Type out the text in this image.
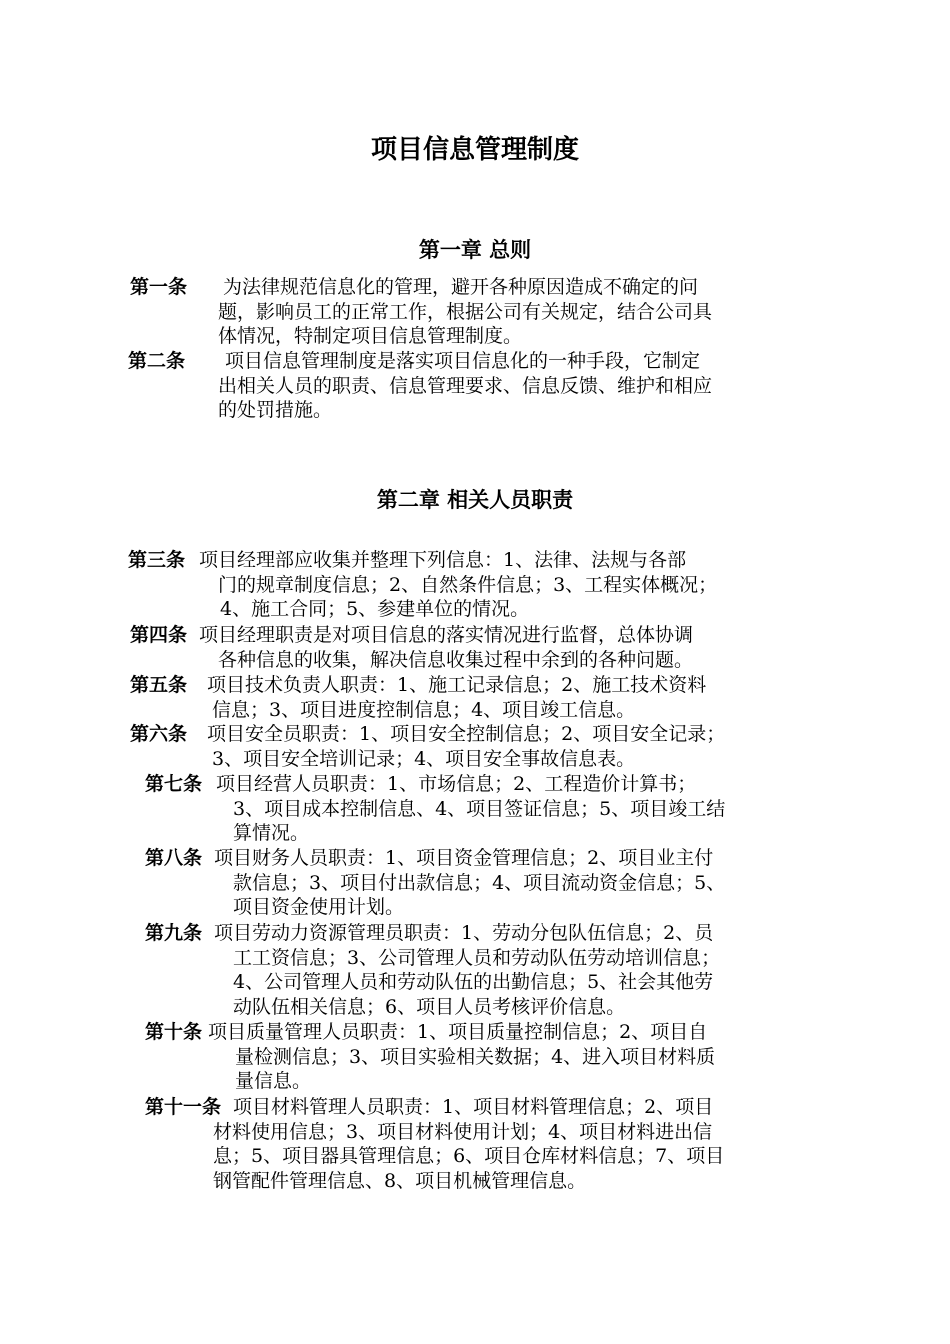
项目信息管理制度
第一章 总则
第一条 为法律规范信息化的管理，避开各种原因造成不确定的问
题，影响员工的正常工作，根据公司有关规定，结合公司具
体情况，特制定项目信息管理制度。
第二条 项目信息管理制度是落实项目信息化的一种手段，它制定
出相关人员的职责、信息管理要求、信息反馈、维护和相应
的处罚措施。
第二章 相关人员职责
第三条 项目经理部应收集并整理下列信息：1、法律、法规与各部
门的规章制度信息；2、自然条件信息；3、工程实体概况；
4、施工合同；5、参建单位的情况。
第四条 项目经理职责是对项目信息的落实情况进行监督，总体协调
各种信息的收集，解决信息收集过程中余到的各种问题。
第五条 项目技术负责人职责：1、施工记录信息；2、施工技术资料
信息；3、项目进度控制信息；4、项目竣工信息。
第六条 项目安全员职责：1、项目安全控制信息；2、项目安全记录；
3、项目安全培训记录；4、项目安全事故信息表。
第七条 项目经营人员职责：1、市场信息；2、工程造价计算书；
3、项目成本控制信息、4、项目签证信息；5、项目竣工结
算情况。
第八条 项目财务人员职责：1、项目资金管理信息；2、项目业主付
款信息；3、项目付出款信息；4、项目流动资金信息；5、
项目资金使用计划。
第九条 项目劳动力资源管理员职责：1、劳动分包队伍信息；2、员
工工资信息；3、公司管理人员和劳动队伍劳动培训信息；
4、公司管理人员和劳动队伍的出勤信息；5、社会其他劳
动队伍相关信息；6、项目人员考核评价信息。
第十条 项目质量管理人员职责：1、项目质量控制信息；2、项目自
量检测信息；3、项目实验相关数据；4、进入项目材料质
量信息。
第十一条 项目材料管理人员职责：1、项目材料管理信息；2、项目
材料使用信息；3、项目材料使用计划；4、项目材料进出信
息；5、项目器具管理信息；6、项目仓库材料信息；7、项目
钢管配件管理信息、8、项目机械管理信息。
